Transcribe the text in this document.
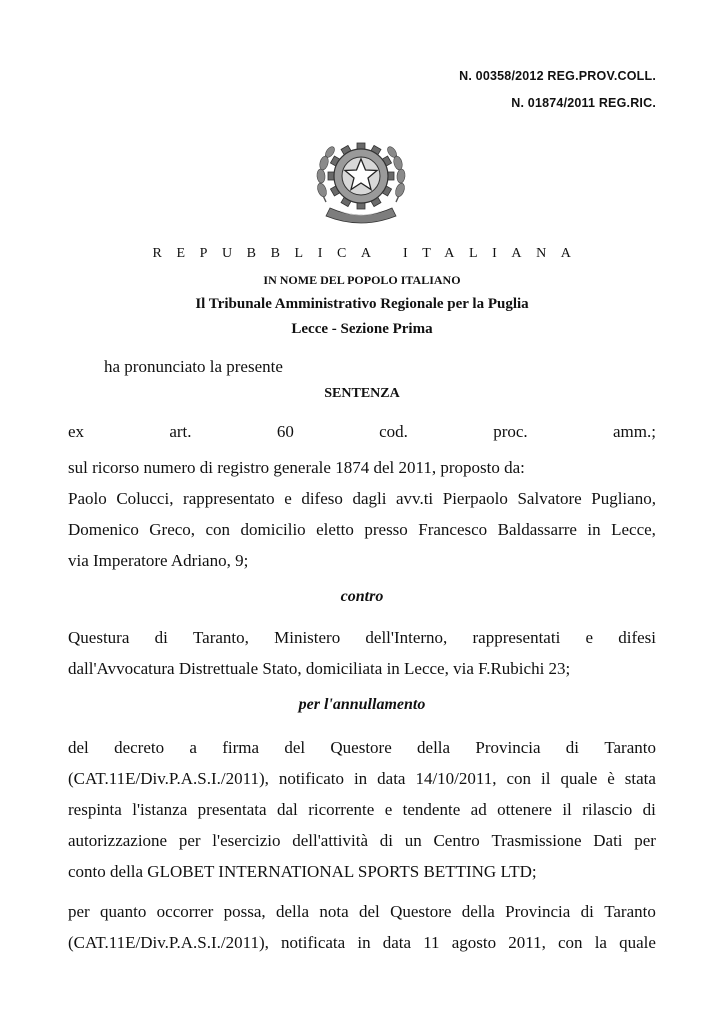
N. 00358/2012 REG.PROV.COLL.
N. 01874/2011 REG.RIC.
REPUBBLICA ITALIANA
IN NOME DEL POPOLO ITALIANO
Il Tribunale Amministrativo Regionale per la Puglia
Lecce - Sezione Prima
ha pronunciato la presente
SENTENZA
ex	art.	60	cod.	proc.	amm.;
sul ricorso numero di registro generale 1874 del 2011, proposto da:
Paolo Colucci, rappresentato e difeso dagli avv.ti Pierpaolo Salvatore Pugliano,
Domenico Greco, con domicilio eletto presso Francesco Baldassarre in Lecce,
via Imperatore Adriano, 9;
contro
Questura di Taranto, Ministero dell'Interno, rappresentati e difesi
dall'Avvocatura Distrettuale Stato, domiciliata in Lecce, via F.Rubichi 23;
per l'annullamento
del decreto a firma del Questore della Provincia di Taranto
(CAT.11E/Div.P.A.S.I./2011), notificato in data 14/10/2011, con il quale è stata
respinta l'istanza presentata dal ricorrente e tendente ad ottenere il rilascio di
autorizzazione per l'esercizio dell'attività di un Centro Trasmissione Dati per
conto della GLOBET INTERNATIONAL SPORTS BETTING LTD;
per quanto occorrer possa, della nota del Questore della Provincia di Taranto
(CAT.11E/Div.P.A.S.I./2011), notificata in data 11 agosto 2011, con la quale
